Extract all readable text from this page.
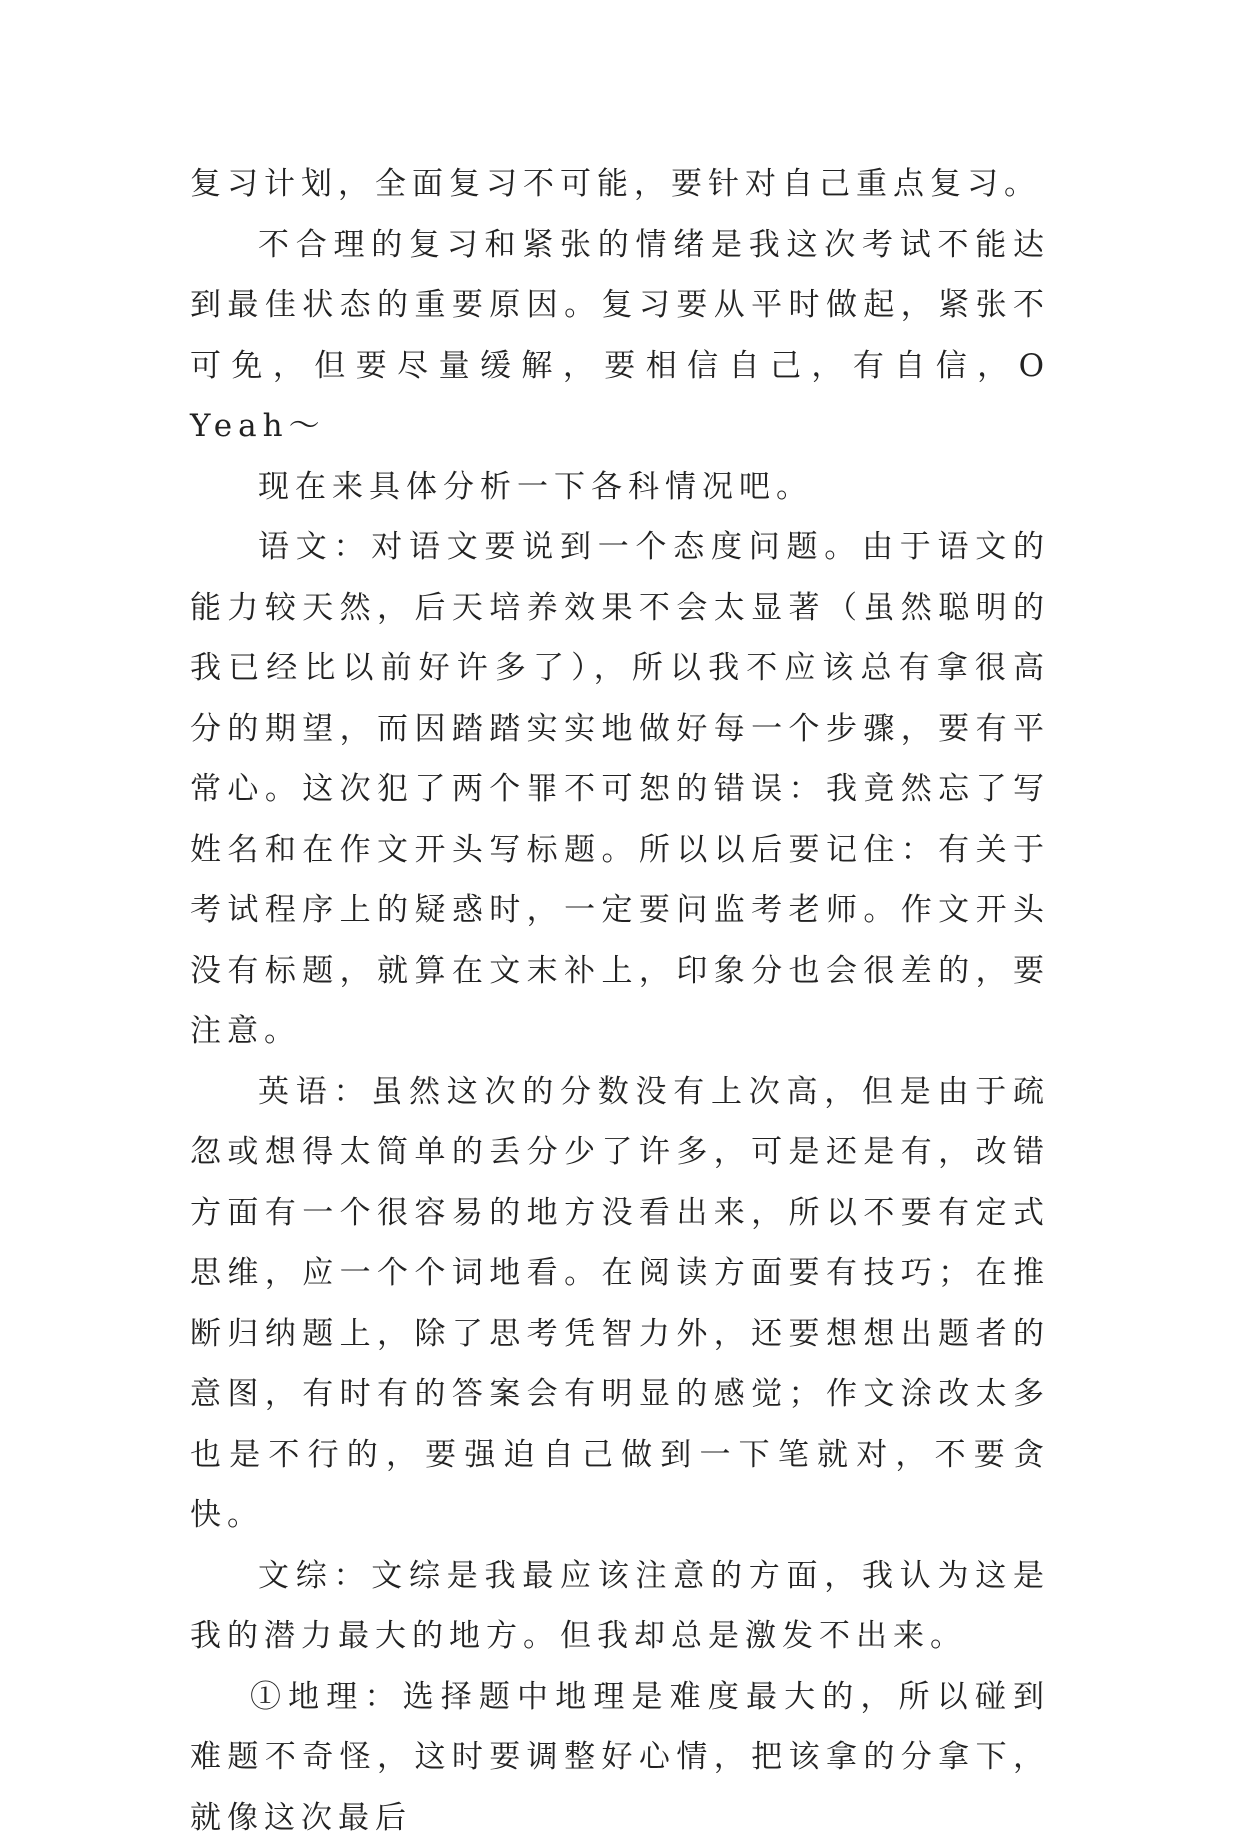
复习计划，全面复习不可能，要针对自己重点复习。

不合理的复习和紧张的情绪是我这次考试不能达到最佳状态的重要原因。复习要从平时做起，紧张不可免，但要尽量缓解，要相信自己，有自信，O Yeah～

现在来具体分析一下各科情况吧。

语文：对语文要说到一个态度问题。由于语文的能力较天然，后天培养效果不会太显著（虽然聪明的我已经比以前好许多了），所以我不应该总有拿很高分的期望，而因踏踏实实地做好每一个步骤，要有平常心。这次犯了两个罪不可恕的错误：我竟然忘了写姓名和在作文开头写标题。所以以后要记住：有关于考试程序上的疑惑时，一定要问监考老师。作文开头没有标题，就算在文末补上，印象分也会很差的，要注意。

英语：虽然这次的分数没有上次高，但是由于疏忽或想得太简单的丢分少了许多，可是还是有，改错方面有一个很容易的地方没看出来，所以不要有定式思维，应一个个词地看。在阅读方面要有技巧；在推断归纳题上，除了思考凭智力外，还要想想出题者的意图，有时有的答案会有明显的感觉；作文涂改太多也是不行的，要强迫自己做到一下笔就对，不要贪快。

文综：文综是我最应该注意的方面，我认为这是我的潜力最大的地方。但我却总是激发不出来。

①地理：选择题中地理是难度最大的，所以碰到难题不奇怪，这时要调整好心情，把该拿的分拿下，就像这次最后
